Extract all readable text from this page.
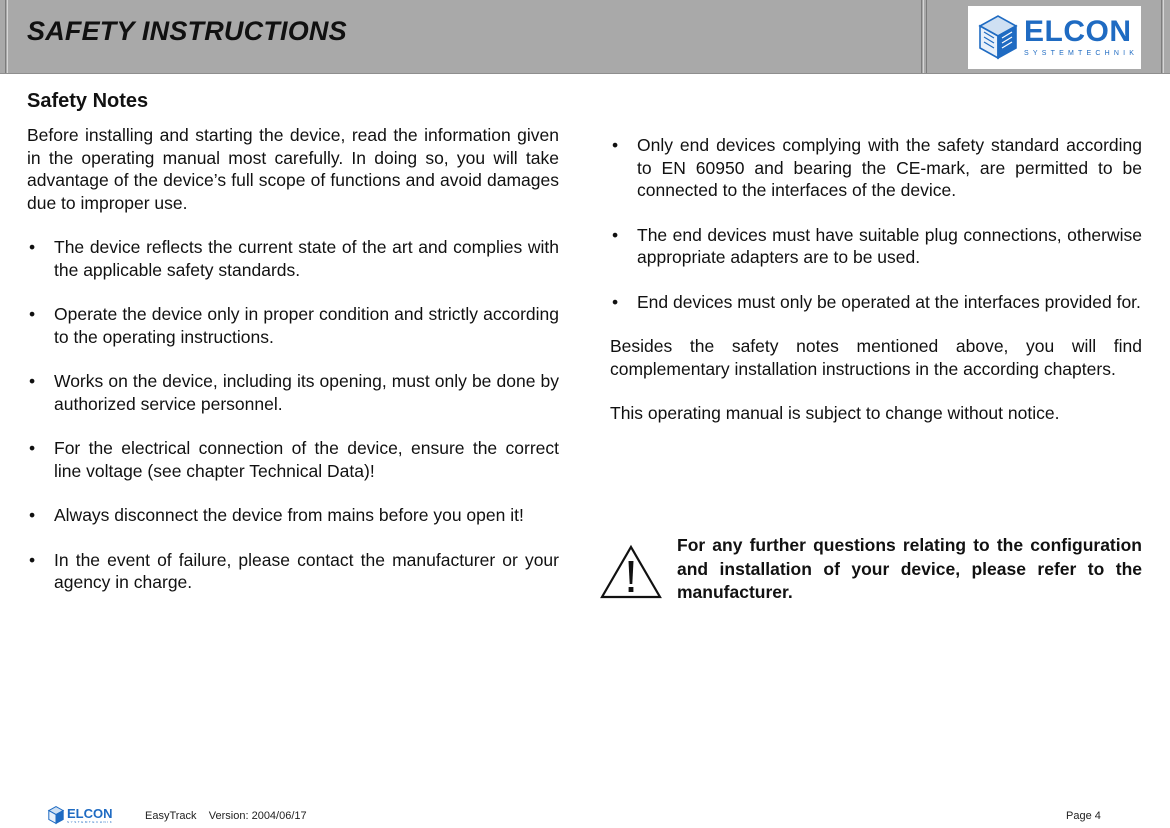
SAFETY INSTRUCTIONS	ELCON
SYSTEMTECHNIK
Safety Notes

Before installing and starting the device, read the information given in the operating manual most carefully. In doing so, you will take advantage of the device’s full scope of functions and avoid damages due to improper use.

• The device reflects the current state of the art and complies with the applicable safety standards.
• Operate the device only in proper condition and strictly according to the operating instructions.
• Works on the device, including its opening, must only be done by authorized service personnel.
• For the electrical connection of the device, ensure the correct line voltage (see chapter Technical Data)!
• Always disconnect the device from mains before you open it!
• In the event of failure, please contact the manufacturer or your agency in charge.
• Only end devices complying with the safety standard according to EN 60950 and bearing the CE-mark, are permitted to be connected to the interfaces of the device.
• The end devices must have suitable plug connections, otherwise appropriate adapters are to be used.
• End devices must only be operated at the interfaces provided for.

Besides the safety notes mentioned above, you will find complementary installation instructions in the according chapters.

This operating manual is subject to change without notice.

For any further questions relating to the configuration and installation of your device, please refer to the manufacturer.
ELCON
SYSTEMTECHNIK	EasyTrack Version: 2004/06/17	Page 4
